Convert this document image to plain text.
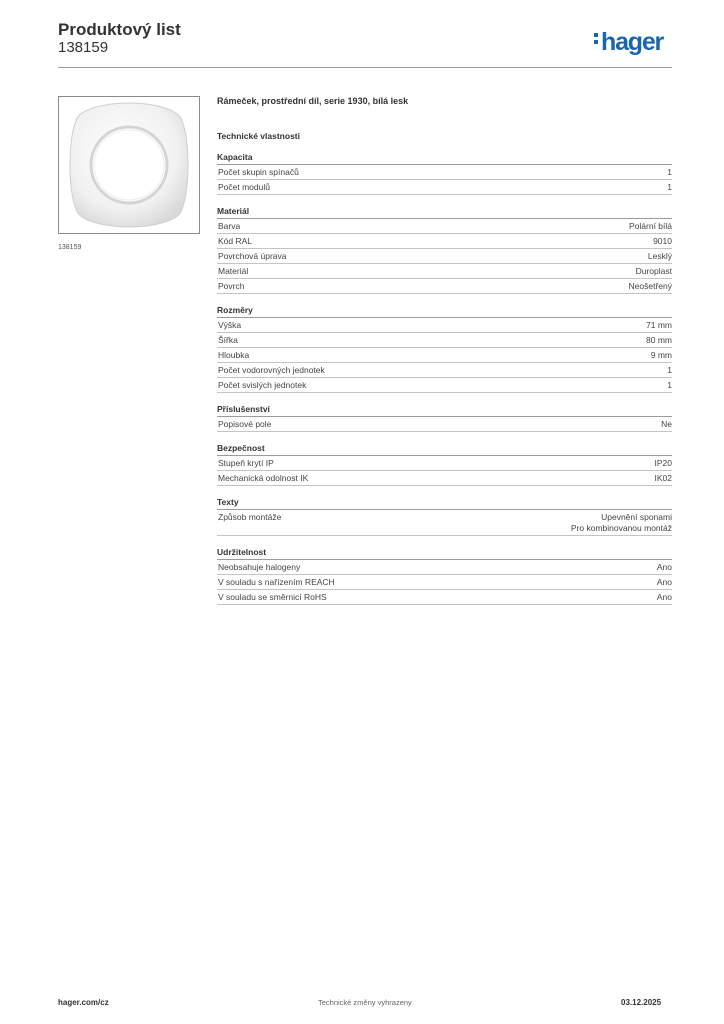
Produktový list
138159	hager
138159
Rámeček, prostřední díl, serie 1930, bílá lesk
Technické vlastnosti
Kapacita
Počet skupin spínačů	1
Počet modulů	1
Materiál
Barva	Polární bílá
Kód RAL	9010
Povrchová úprava	Lesklý
Materiál	Duroplast
Povrch	Neošetřený
Rozměry
Výška	71 mm
Šířka	80 mm
Hloubka	9 mm
Počet vodorovných jednotek	1
Počet svislých jednotek	1
Příslušenství
Popisové pole	Ne
Bezpečnost
Stupeň krytí IP	IP20
Mechanická odolnost IK	IK02
Texty
Způsob montáže	Upevnění sponami
Pro kombinovanou montáž
Udržitelnost
Neobsahuje halogeny	Ano
V souladu s nařízením REACH	Ano
V souladu se směrnicí RoHS	Ano
hager.com/cz	Technické změny vyhrazeny	03.12.2025
